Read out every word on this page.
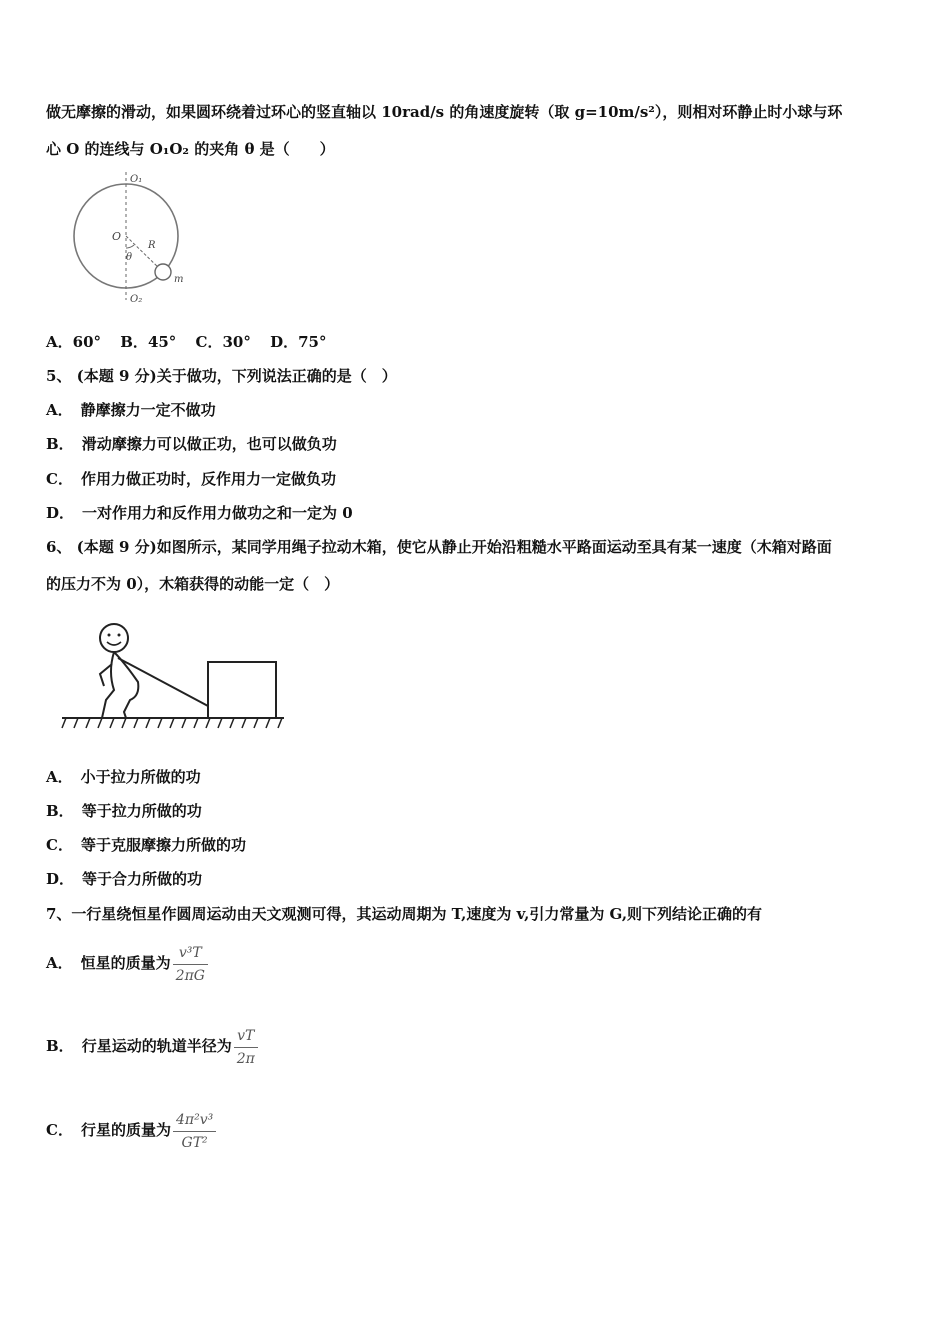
做无摩擦的滑动，如果圆环绕着过环心的竖直轴以 10rad/s 的角速度旋转（取 g=10m/s²），则相对环静止时小球与环
心 O 的连线与 O₁O₂ 的夹角 θ 是（　　）
O₁
O
R
θ
m
O₂
A．60° B．45° C．30° D．75°
5、 (本题 9 分)关于做功，下列说法正确的是（　）
A． 静摩擦力一定不做功
B． 滑动摩擦力可以做正功，也可以做负功
C． 作用力做正功时，反作用力一定做负功
D． 一对作用力和反作用力做功之和一定为 0
6、 (本题 9 分)如图所示，某同学用绳子拉动木箱，使它从静止开始沿粗糙水平路面运动至具有某一速度（木箱对路面
的压力不为 0），木箱获得的动能一定（　）
A． 小于拉力所做的功
B． 等于拉力所做的功
C． 等于克服摩擦力所做的功
D． 等于合力所做的功
7、一行星绕恒星作圆周运动由天文观测可得，其运动周期为 T,速度为 v,引力常量为 G,则下列结论正确的有
A． 恒星的质量为 $\frac{\text{v³T}}{2\pi G}$
B． 行星运动的轨道半径为 $\frac{vT}{2\pi}$
C． 行星的质量为 $\frac{\text{4π²v³}}{\text{GT²}}$
